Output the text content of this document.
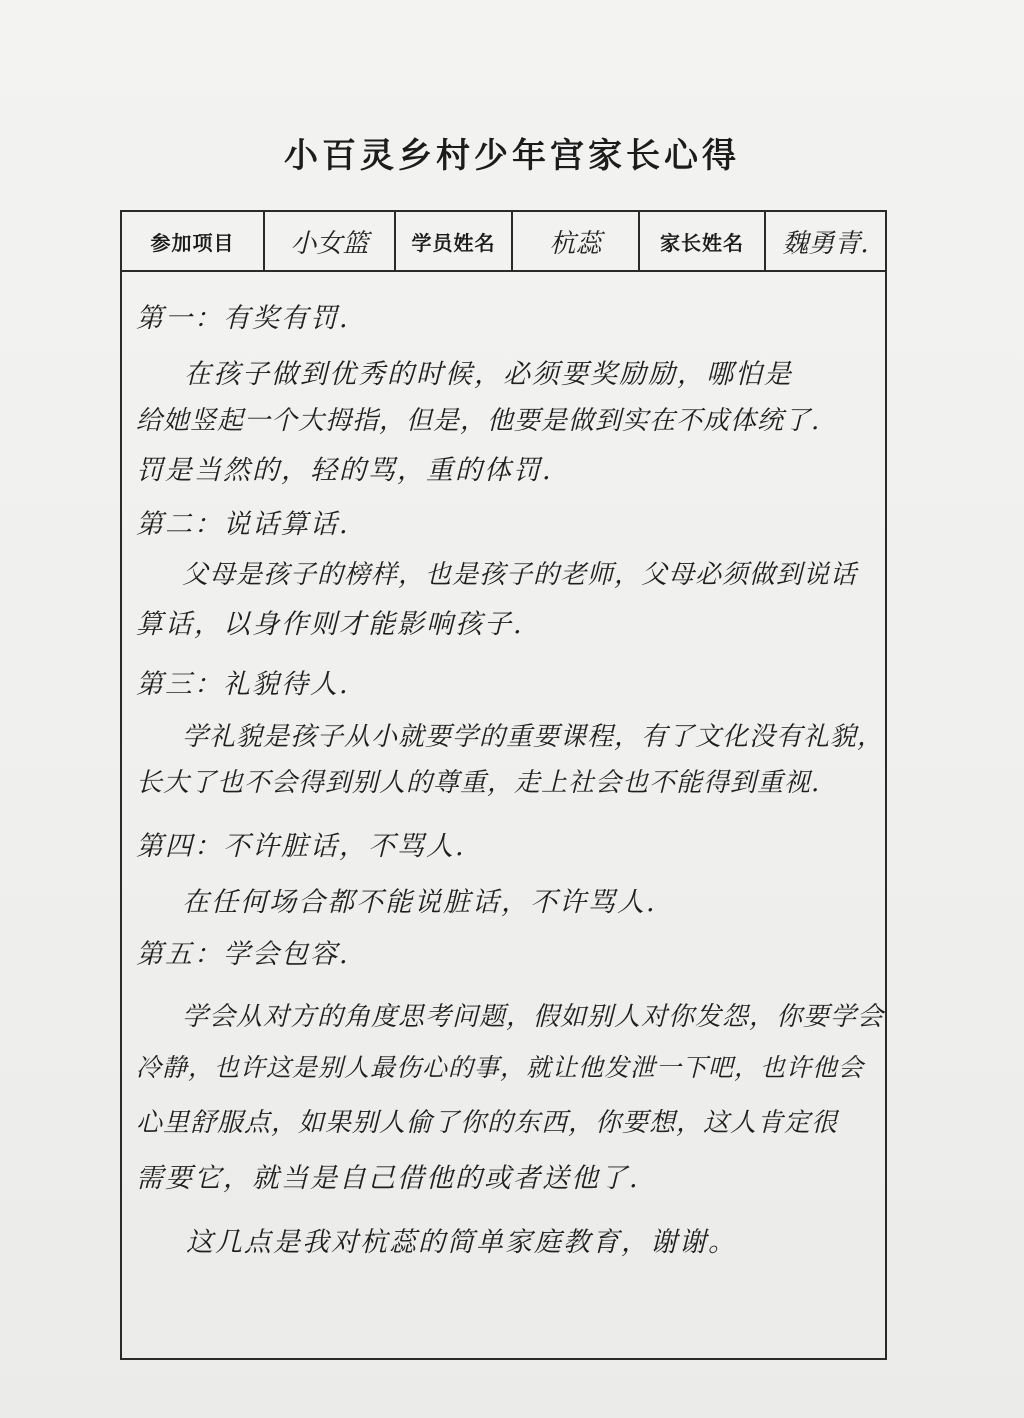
小百灵乡村少年宫家长心得
参加项目 小女篮 学员姓名 杭蕊	家长姓名 魏勇青.
第一：有奖有罚.
在孩子做到优秀的时候，必须要奖励励，哪怕是
给她竖起一个大拇指，但是，他要是做到实在不成体统了.
罚是当然的，轻的骂，重的体罚.
第二：说话算话.
父母是孩子的榜样，也是孩子的老师，父母必须做到说话
算话，以身作则才能影响孩子.
第三：礼貌待人.
学礼貌是孩子从小就要学的重要课程，有了文化没有礼貌，
长大了也不会得到别人的尊重，走上社会也不能得到重视.
第四：不许脏话，不骂人.
在任何场合都不能说脏话，不许骂人.
第五：学会包容.
学会从对方的角度思考问题，假如别人对你发怨，你要学会
冷静，也许这是别人最伤心的事，就让他发泄一下吧，也许他会
心里舒服点，如果别人偷了你的东西，你要想，这人肯定很
需要它，就当是自己借他的或者送他了.
这几点是我对杭蕊的简单家庭教育，谢谢。
